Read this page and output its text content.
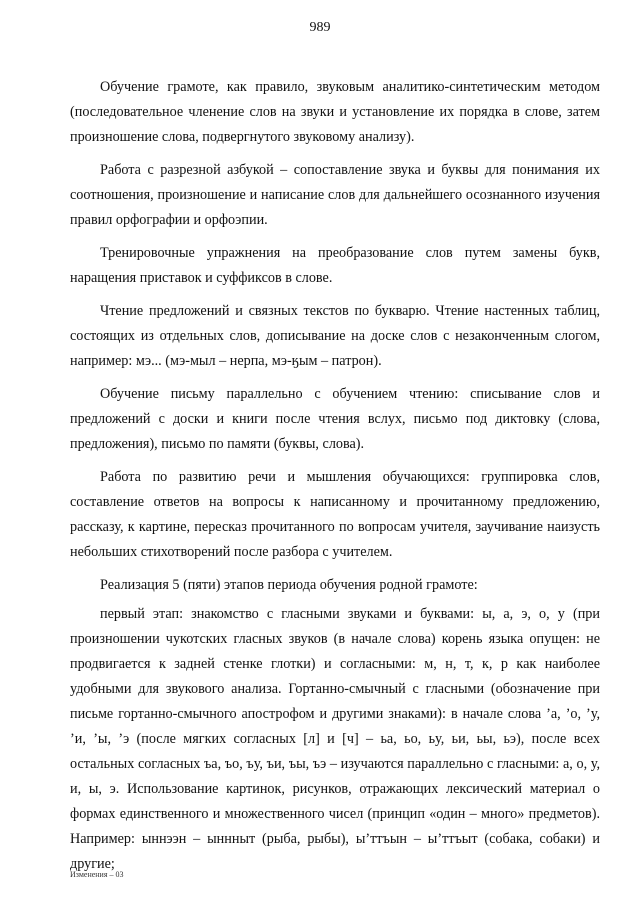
989

Обучение грамоте, как правило, звуковым аналитико-синтетическим методом (последовательное членение слов на звуки и установление их порядка в слове, затем произношение слова, подвергнутого звуковому анализу).

Работа с разрезной азбукой – сопоставление звука и буквы для понимания их соотношения, произношение и написание слов для дальнейшего осознанного изучения правил орфографии и орфоэпии.

Тренировочные упражнения на преобразование слов путем замены букв, наращения приставок и суффиксов в слове.

Чтение предложений и связных текстов по букварю. Чтение настенных таблиц, состоящих из отдельных слов, дописывание на доске слов с незаконченным слогом, например: мэ... (мэ-мыл – нерпа, мэ-ӄым – патрон).

Обучение письму параллельно с обучением чтению: списывание слов и предложений с доски и книги после чтения вслух, письмо под диктовку (слова, предложения), письмо по памяти (буквы, слова).

Работа по развитию речи и мышления обучающихся: группировка слов, составление ответов на вопросы к написанному и прочитанному предложению, рассказу, к картине, пересказ прочитанного по вопросам учителя, заучивание наизусть небольших стихотворений после разбора с учителем.

Реализация 5 (пяти) этапов периода обучения родной грамоте:

первый этап: знакомство с гласными звуками и буквами: ы, а, э, о, у (при произношении чукотских гласных звуков (в начале слова) корень языка опущен: не продвигается к задней стенке глотки) и согласными: м, н, т, к, р как наиболее удобными для звукового анализа. Гортанно-смычный с гласными (обозначение при письме гортанно-смычного апострофом и другими знаками): в начале слова ’а, ’о, ’у, ’и, ’ы, ’э (после мягких согласных [л] и [ч] – ьа, ьо, ьу, ьи, ьы, ьэ), после всех остальных согласных ъа, ъо, ъу, ъи, ъы, ъэ – изучаются параллельно с гласными: а, о, у, и, ы, э. Использование картинок, рисунков, отражающих лексический материал о формах единственного и множественного чисел (принцип «один – много» предметов). Например: ыннээн – ыннныт (рыба, рыбы), ы’ттъын – ы’ттъыт (собака, собаки) и другие;

Изменения – 03
